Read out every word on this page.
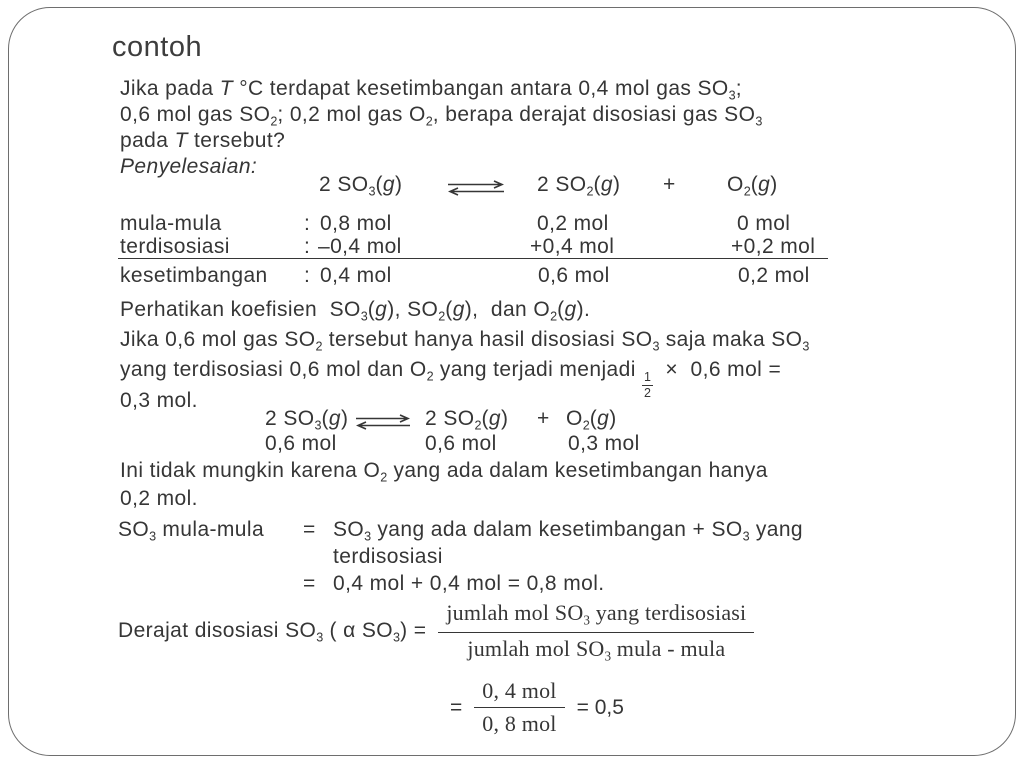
contoh
Jika pada T °C terdapat kesetimbangan antara 0,4 mol gas $SO_3$;
0,6 mol gas $SO_2$; 0,2 mol gas $O_2$, berapa derajat disosiasi gas $SO_3$
pada T tersebut?
Penyelesaian:
2 $SO_3(g)$	2 $SO_2(g) + O_2(g)$
mula-mula	: 0,8 mol	0,2 mol	0 mol
terdisosiasi	: –0,4 mol	+0,4 mol	+0,2 mol
kesetimbangan : 0,4 mol	0,6 mol	0,2 mol
Perhatikan koefisien  $SO_3(g)$, $SO_2(g)$,  dan $O_2(g)$.
Jika 0,6 mol gas $SO_2$ tersebut hanya hasil disosiasi $SO_3$ saja maka $SO_3$
yang terdisosiasi 0,6 mol dan $O_2$ yang terjadi menjadi
$\frac{1}{2}$
×  0,6 mol =
0,3 mol.
2 $SO_3(g)$ ⇌ 2 $SO_2(g) + O_2(g)$
0,6 mol	0,6 mol	0,3 mol
Ini tidak mungkin karena $O_2$ yang ada dalam kesetimbangan hanya
0,2 mol.
$SO_3$ mula-mula = $SO_3$ yang ada dalam kesetimbangan + $SO_3$ yang
terdisosiasi
= 0,4 mol + 0,4 mol = 0,8 mol.
Derajat disosiasi $SO_3$ ( α $SO_3) = \frac{jumlah mol SO_3 yang terdisosiasi}{jumlah mol SO_3 mula - mula}$
= $\frac{\text{0, 4 mol}}{\text{0, 8 mol}} = 0,5$
